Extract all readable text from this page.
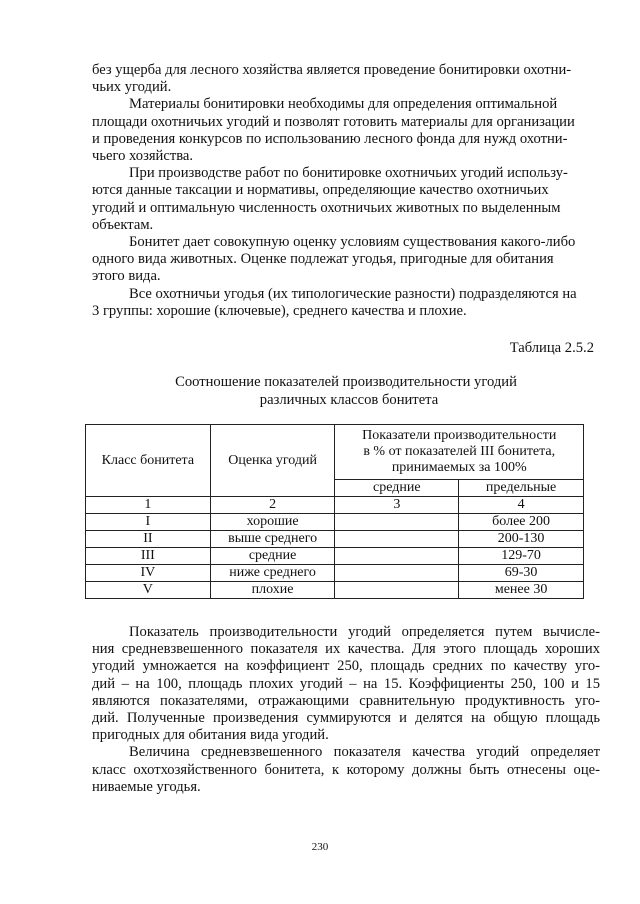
без ущерба для лесного хозяйства является проведение бонитировки охотни-
чьих угодий.

Материалы бонитировки необходимы для определения оптимальной
площади охотничьих угодий и позволят готовить материалы для организации
и проведения конкурсов по использованию лесного фонда для нужд охотни-
чьего хозяйства.

При производстве работ по бонитировке охотничьих угодий использу-
ются данные таксации и нормативы, определяющие качество охотничьих
угодий и оптимальную численность охотничьих животных по выделенным
объектам.

Бонитет дает совокупную оценку условиям существования какого-либо
одного вида животных. Оценке подлежат угодья, пригодные для обитания
этого вида.

Все охотничьи угодья (их типологические разности) подразделяются на
3 группы: хорошие (ключевые), среднего качества и плохие.

Таблица 2.5.2
Соотношение показателей производительности угодий
различных классов бонитета
Класс бонитета	Оценка угодий	Показатели производительности
в % от показателей III бонитета,
принимаемых за 100%	

		средние	предельные
1	2	3	4
I	хорошие		более 200
II	выше среднего		200-130
III	средние		129-70
IV	ниже среднего		69-30
V	плохие		менее 30

Показатель производительности угодий определяется путем вычисле-
ния средневзвешенного показателя их качества. Для этого площадь хороших
угодий умножается на коэффициент 250, площадь средних по качеству уго-
дий – на 100, площадь плохих угодий – на 15. Коэффициенты 250, 100 и 15
являются показателями, отражающими сравнительную продуктивность уго-
дий. Полученные произведения суммируются и делятся на общую площадь
пригодных для обитания вида угодий.

Величина средневзвешенного показателя качества угодий определяет
класс охотхозяйственного бонитета, к которому должны быть отнесены оце-
ниваемые угодья.

230
